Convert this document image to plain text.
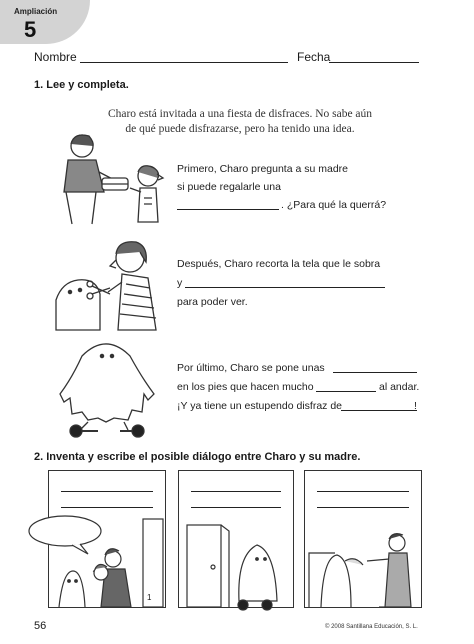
Ampliación
5
Nombre	Fecha
1. Lee y completa.
Charo está invitada a una fiesta de disfraces. No sabe aún
de qué puede disfrazarse, pero ha tenido una idea.
Primero, Charo pregunta a su madre
si puede regalarle una
. ¿Para qué la querrá?
Después, Charo recorta la tela que le sobra
y
para poder ver.
Por último, Charo se pone unas
en los pies que hacen mucho	al andar.
¡Y ya tiene un estupendo disfraz de	!
2. Inventa y escribe el posible diálogo entre Charo y su madre.
1
56	© 2008 Santillana Educación, S. L.
